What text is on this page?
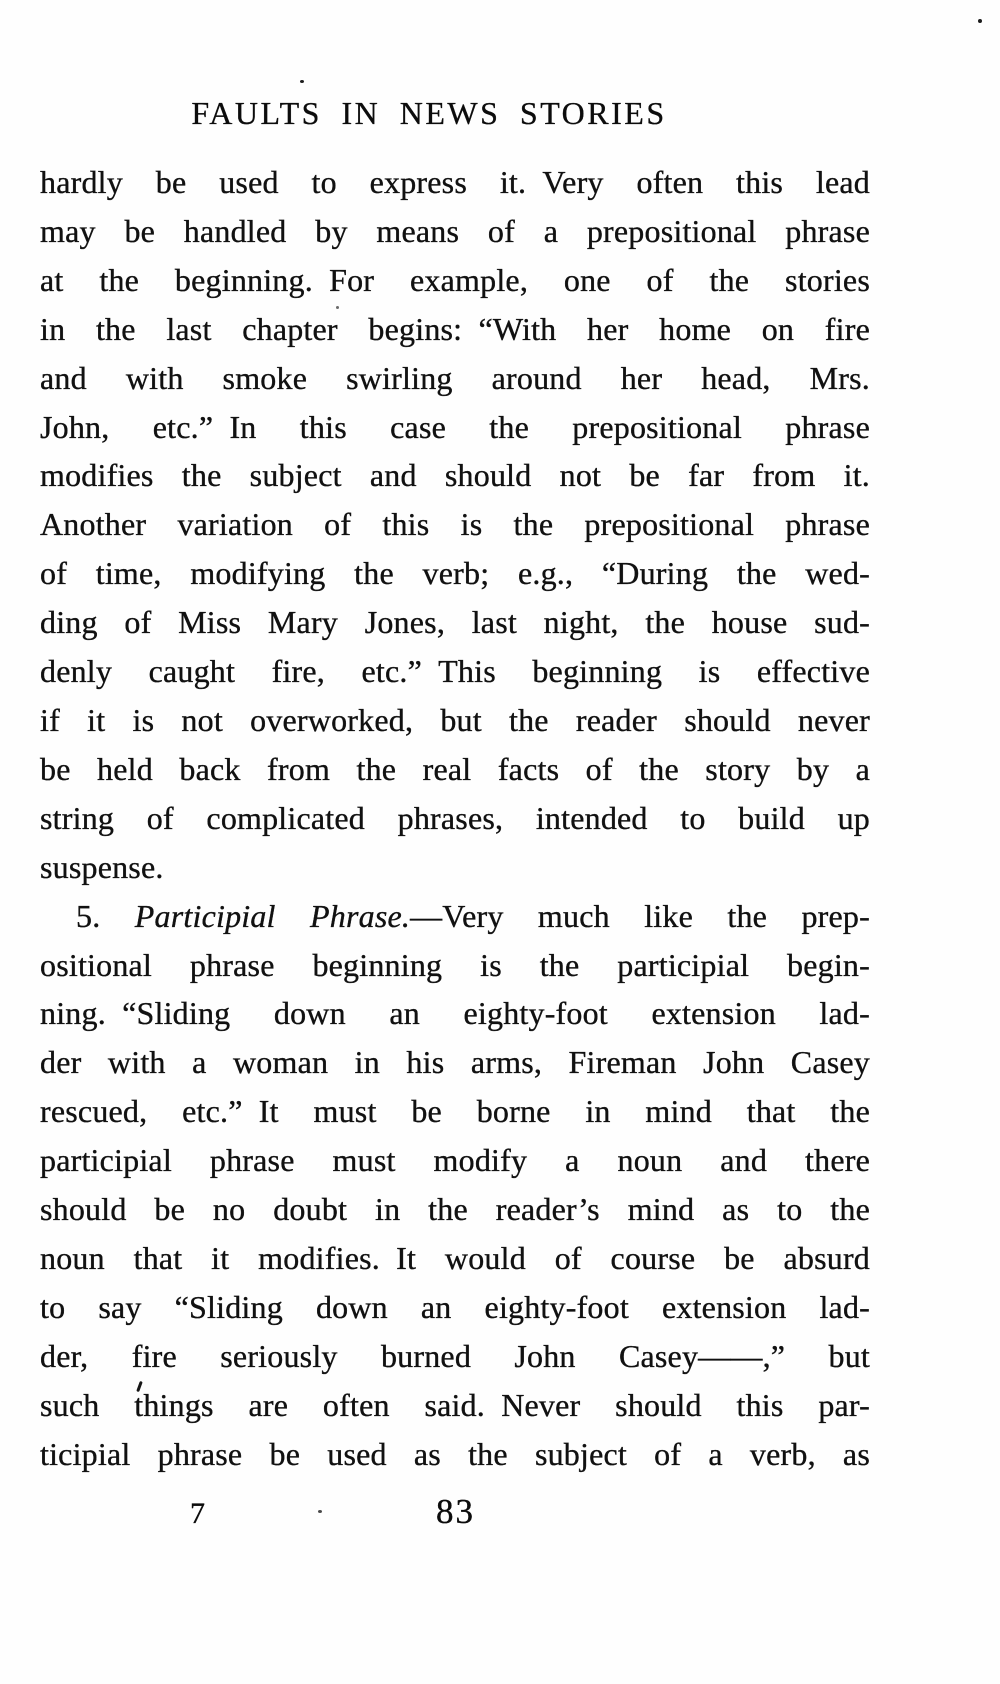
FAULTS IN NEWS STORIES
hardly be used to express it. Very often this lead
may be handled by means of a prepositional phrase
at the beginning. For example, one of the stories
in the last chapter begins: “With her home on fire
and with smoke swirling around her head, Mrs.
John, etc.” In this case the prepositional phrase
modifies the subject and should not be far from it.
Another variation of this is the prepositional phrase
of time, modifying the verb; e.g., “During the wed-
ding of Miss Mary Jones, last night, the house sud-
denly caught fire, etc.” This beginning is effective
if it is not overworked, but the reader should never
be held back from the real facts of the story by a
string of complicated phrases, intended to build up
suspense.
5. Participial Phrase.—Very much like the prep-
ositional phrase beginning is the participial begin-
ning. “Sliding down an eighty-foot extension lad-
der with a woman in his arms, Fireman John Casey
rescued, etc.” It must be borne in mind that the
participial phrase must modify a noun and there
should be no doubt in the reader’s mind as to the
noun that it modifies. It would of course be absurd
to say “Sliding down an eighty-foot extension lad-
der, fire seriously burned John Casey——,” but
such things are often said. Never should this par-
ticipial phrase be used as the subject of a verb, as
7	83
